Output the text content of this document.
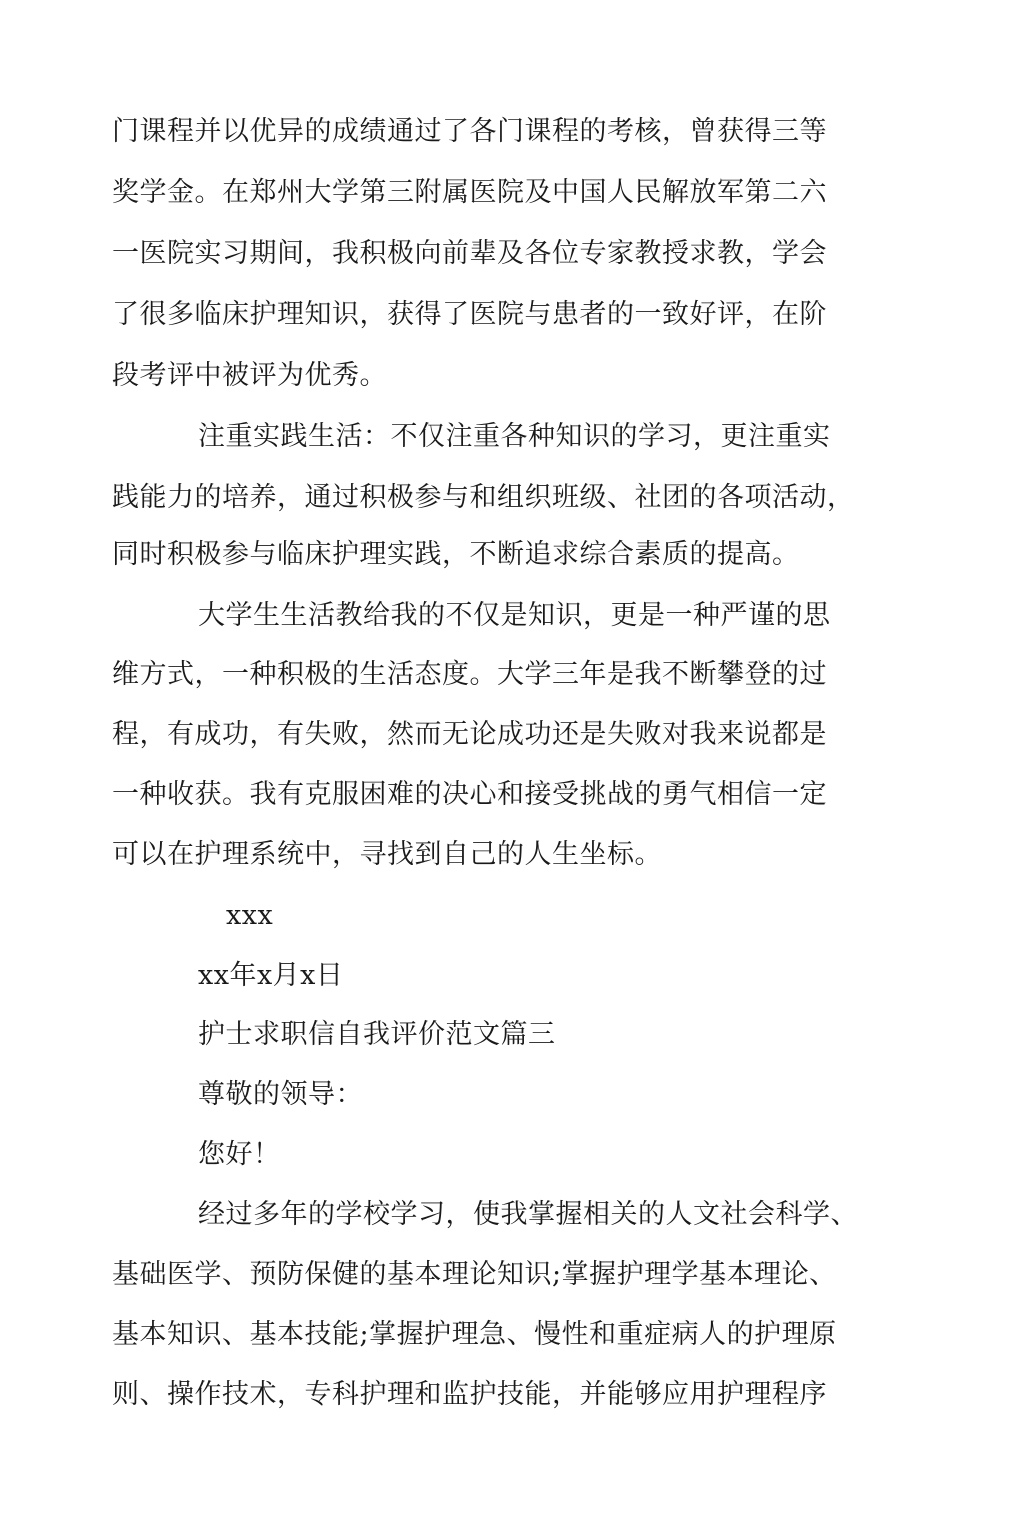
门课程并以优异的成绩通过了各门课程的考核，曾获得三等
奖学金。在郑州大学第三附属医院及中国人民解放军第二六
一医院实习期间，我积极向前辈及各位专家教授求教，学会
了很多临床护理知识，获得了医院与患者的一致好评，在阶
段考评中被评为优秀。
注重实践生活：不仅注重各种知识的学习，更注重实
践能力的培养，通过积极参与和组织班级、社团的各项活动，
同时积极参与临床护理实践，不断追求综合素质的提高。
大学生生活教给我的不仅是知识，更是一种严谨的思
维方式，一种积极的生活态度。大学三年是我不断攀登的过
程，有成功，有失败，然而无论成功还是失败对我来说都是
一种收获。我有克服困难的决心和接受挑战的勇气相信一定
可以在护理系统中，寻找到自己的人生坐标。
xxx
xx年x月x日
护士求职信自我评价范文篇三
尊敬的领导：
您好！
经过多年的学校学习，使我掌握相关的人文社会科学、
基础医学、预防保健的基本理论知识;掌握护理学基本理论、
基本知识、基本技能;掌握护理急、慢性和重症病人的护理原
则、操作技术，专科护理和监护技能，并能够应用护理程序
